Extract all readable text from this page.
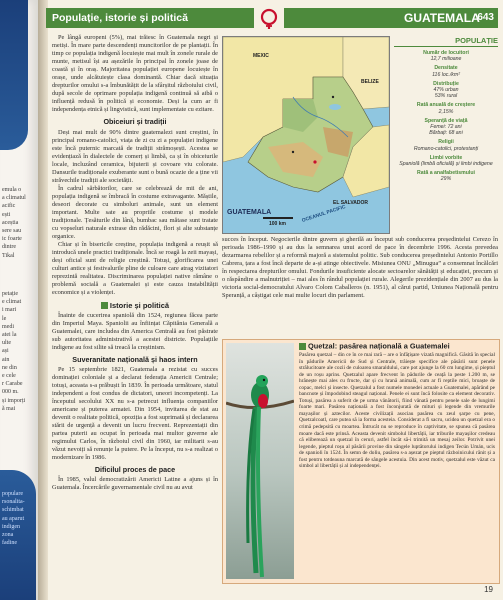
emula o
a climatul
acific
ești
aceștia
sere sau
ic foarte
dintre
Tikal
petație
e climat
i mari
le
medi
atei la
ulte
ași
ain
ne din
e cele
r Carabe
000 m.
și imporți
ă mai
populare
rsonalita-
schimbat
au aparut
indigen
zona
fadine
Populație, istorie și politică	GUATEMALA
643

Pe lângă europeni (5%), mai trăiesc în Guatemala negri și metiși. În mare parte descendenți muncitorilor de pe plantații. În timp ce populația indigenă locuiește mai mult în zonele rurale de munte, metisul își au așezările în principal în zonele joase de coastă și în oraș. Majoritatea populației europene locuiește în orașe, unde alcătuiește clasa dominantă. Chiar dacă situația drepturilor omului s-a îmbunătățit de la sfârșitul războiului civil, după secole de oprimare populația indigenă continuă să aibă o influență redusă în politică și economie. Deși la cum ar fi independența etnică și lingvistică, sunt implementate cu ezitare.

Obiceiuri și tradiții

Deși mai mult de 90% dintre guatemalezi sunt creștini, în principal romano-catolici, viața de zi cu zi a populației indigene este încă puternic marcată de tradiții strămoșești. Acestea se evidențiază în dialectele de comerț și limbă, ca și în obiceiurile locale, incluzând ceramica, bijuterii și covoare viu colorate. Dansurile tradiționale exuberante sunt o bună ocazie de a ține vii străvechile tradiții ale societății.

În cadrul sărbătorilor, care se celebrează de mii de ani, populația indigenă se îmbracă în costume extravagante. Măștile, deseori decorate cu simboluri animale, sunt un element important. Multe sate au propriile costume și modele tradiționale. Țesăturile din lână, bumbac sau mătase sunt tratate cu vopseluri naturale extrase din rădăcini, flori și alte substanțe organice.

Chiar și în bisericile creștine, populația indigenă a reușit să introducă unele practici tradiționale. Încă se roagă la zeii mayași, deși oficial sunt de religie creștină. Totuși, glorificarea unei culturi antice și festivalurile pline de culoare care atrag vizitatori reprezintă realitatea. Discriminarea populației native rămâne o problemă socială a Guatemalei și este cauza instabilității economice și a violenței.

Istorie și politică

Înainte de cucerirea spaniolă din 1524, regiunea făcea parte din Imperiul Maya. Spaniolii au înființat Căpitănia Generală a Guatemalei, care includea din America Centrală au fost păstrate sub autoritatea administrativă a acestei districte. Populațiile indigene au fost silite să treacă la creștinism.

Suveranitate națională și haos intern

Pe 15 septembrie 1821, Guatemala a rezistat cu succes dominației coloniale și a declarat federația Americii Centrale; totuși, aceasta s-a prăbușit în 1839. În perioada următoare, statul independent a fost condus de dictatori, uneori incompetenți. La începutul secolului XX nu s-a petrecut influența companiilor americane și puterea armatei. Din 1954, invitarea de stat au devenit o realitate politică, opoziția a fost suprimată și declararea stării de urgență a devenit un lucru frecvent. Reprezentații din partea puterii au ocupat în perioada mai multor guverne ale regimului Carlos, în războiul civil din 1960, iar militarii s-au văzut nevoiți să renunțe la putere. Pe la început, nu s-a realizat o modernizare în 1986.

Dificilul proces de pace

În 1985, valul democratizării Americii Latine a ajuns și în Guatemala. Încercările guvernamentale civil nu au avut

MEXIC
BELIZE
EL SALVADOR
OCEANUL PACIFIC
100 km
GUATEMALA
POPULAȚIE
Număr de locuitori
12,7 milioane
Densitate
116 loc./km²
Distribuție
47% urban
53% rural
Rată anuală de creștere
2,15%
Speranță de viață
Femei: 72 ani
Bărbați: 68 ani
Religii
Romano-catolici, protestanți
Limbi vorbite
Spaniolă (limbă oficială) și limbi indigene
Rată a analfabetismului
29%
succes în început. Negocierile dintre guvern și gherilă au început sub conducerea președintelui Cerezo în perioada 1986–1990 și au dus la semnarea unui acord de pace în decembrie 1996. Acesta prevedea dezarmarea rebelilor și a reformă majoră a sistemului politic. Sub conducerea președintelui Antonio Portillo Cabrera, țara a fost încă departe de a-și atinge obiectivele. Misiunea ONU „Minugua” a consemnat încălcări în respectarea drepturilor omului. Fondurile insuficiente alocate sectoarelor sănătății și educației, precum și o răspândire a malnutriției – mai ales în rândul populației rurale. Alegerile prezidențiale din 2007 au dus la victoria social-democratului Alvaro Colom Caballeros (n. 1951), al cărui partid, Uniunea Națională pentru Speranță, a câștigat cele mai multe locuri din parlament.
Quetzal: pasărea națională a Guatemalei
Pasărea quetzal – din ce în ce mai rară – are o înfățișare vizată magnifică. Găsită în special în pădurile Americii de Sud și Centrale, trăiește specifice ale păsării sunt penele strălucitoare ale cozii de culoarea smaraldului, care pot ajunge la 60 cm lungime, și pieptul de un roșu aprins. Quetzalul apare frecvent în pădurile de ceață la peste 1.200 m, se hrănește mai ales cu fructe, dar și cu hrană animală, cum ar fi reptile mici, broaște de copac, melci și insecte. Quetzalul a fost numele monedei actuale a Guatemalei, apărând pe bancnote și împodobind steagul național. Penele ei sunt încă folosite ca element decorativ. Totuși, pasărea a suferit de pe urma vânătorii, fiind vânată pentru penele sale de lungimi foarte mari. Pasărea națională a fost înconjurată de mituri și legende din vremurile mayașilor și aztecilor. Aceste civilizații asociau pasărea cu zeul șarpe cu pene, Quetzalcoatl, care putea să ia forma acesteia. Considerat a fi sacru, ucidea un quetzal era o crimă pedepsită cu moartea. Întrucât nu se reproduce în captivitate, se spunea că pasărea moare dacă este prinsă. Aceasta devenit simbolul libertății, iar triburile mayașilor credeau că eliberează un quetzal în ceruri, astfel încât să-i trimită un mesaj zeilor. Potrivit unei legende, pieptul roșu al păsării provine din sângele luptătorului indigen Tecún Umán, ucis de spanioli în 1524. În semn de doliu, pasărea s-a așezat pe pieptul războinicului rănit și a fost pentru totdeauna marcată de sângele acestuia. Din acest motiv, quetzalul este văzut ca simbol al libertății și al independenței.
19
